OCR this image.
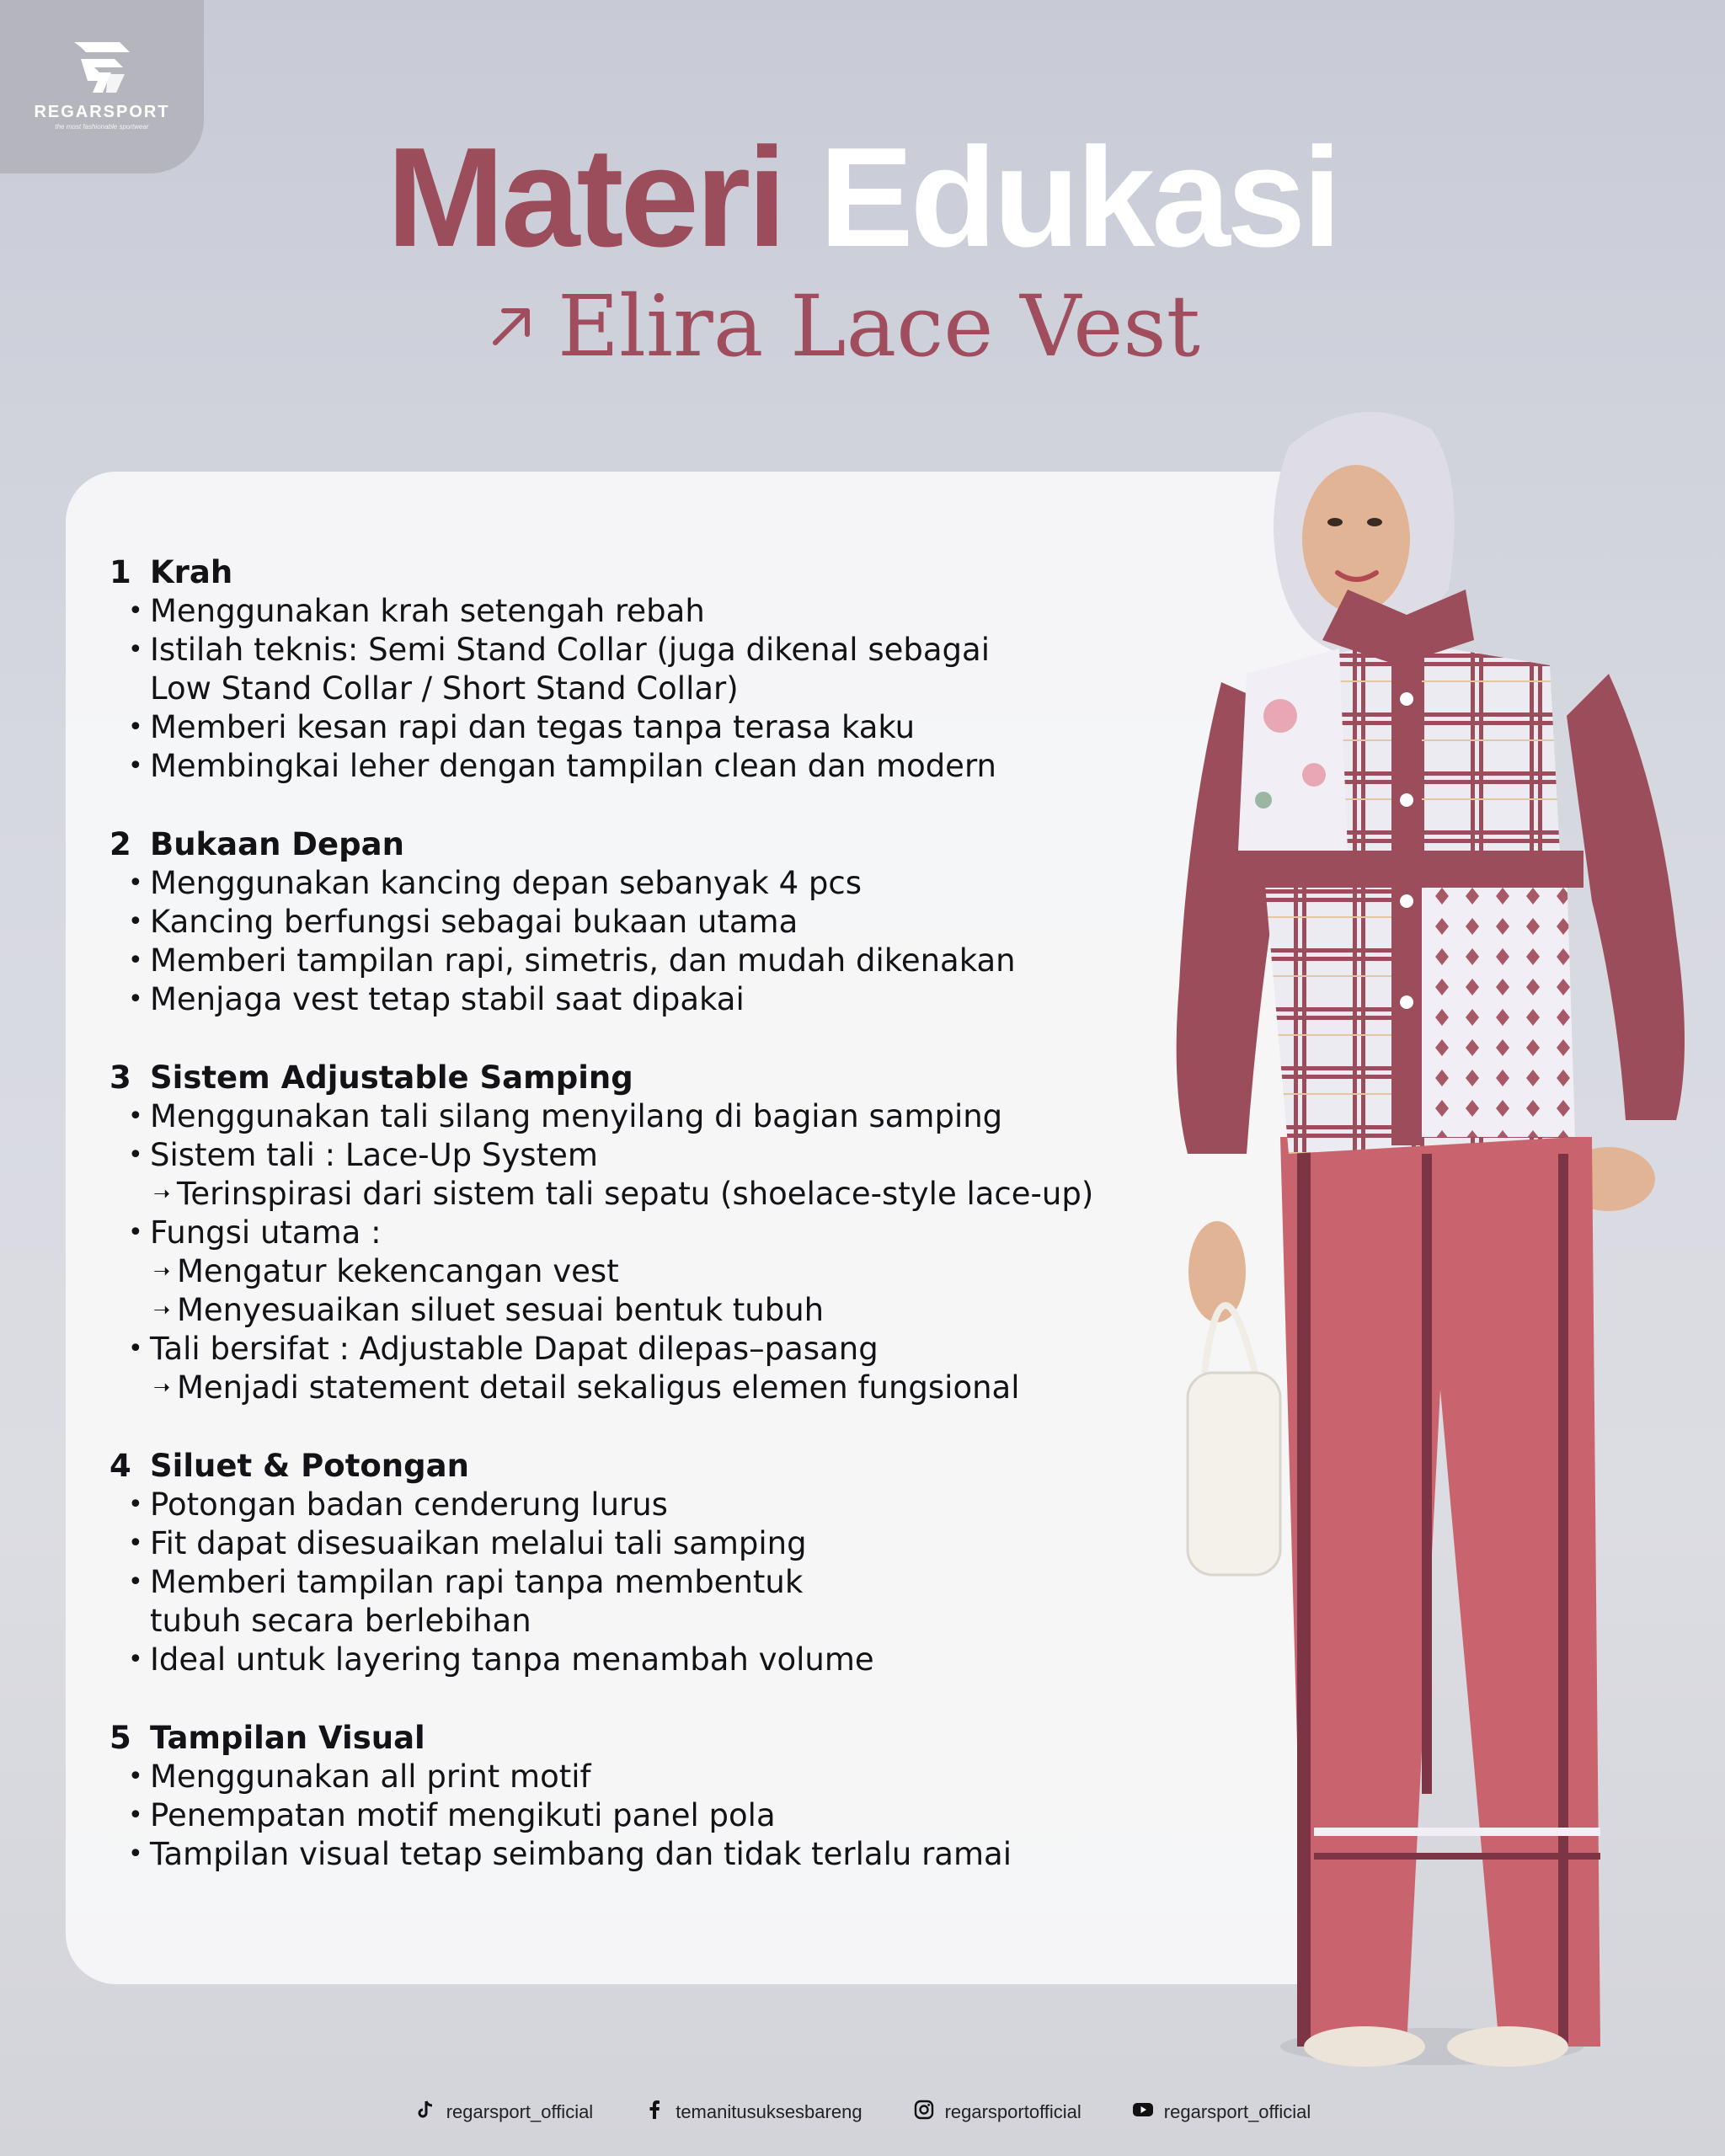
REGARSPORT
the most fashionable sportwear	Materi Edukasi
Elira Lace Vest
1 Krah
• Menggunakan krah setengah rebah
• Istilah teknis: Semi Stand Collar (juga dikenal sebagai
Low Stand Collar / Short Stand Collar)
• Memberi kesan rapi dan tegas tanpa terasa kaku
• Membingkai leher dengan tampilan clean dan modern
2 Bukaan Depan
• Menggunakan kancing depan sebanyak 4 pcs
• Kancing berfungsi sebagai bukaan utama
• Memberi tampilan rapi, simetris, dan mudah dikenakan
• Menjaga vest tetap stabil saat dipakai
3 Sistem Adjustable Samping
• Menggunakan tali silang menyilang di bagian samping
• Sistem tali : Lace-Up System
➝ Terinspirasi dari sistem tali sepatu (shoelace-style lace-up)
• Fungsi utama :
➝ Mengatur kekencangan vest
➝ Menyesuaikan siluet sesuai bentuk tubuh
• Tali bersifat : Adjustable Dapat dilepas–pasang
➝ Menjadi statement detail sekaligus elemen fungsional
4 Siluet & Potongan
• Potongan badan cenderung lurus
• Fit dapat disesuaikan melalui tali samping
• Memberi tampilan rapi tanpa membentuk
tubuh secara berlebihan
• Ideal untuk layering tanpa menambah volume
5 Tampilan Visual
• Menggunakan all print motif
• Penempatan motif mengikuti panel pola
• Tampilan visual tetap seimbang dan tidak terlalu ramai
regarsport_official	temanitusuksesbareng	regarsportofficial	regarsport_official
